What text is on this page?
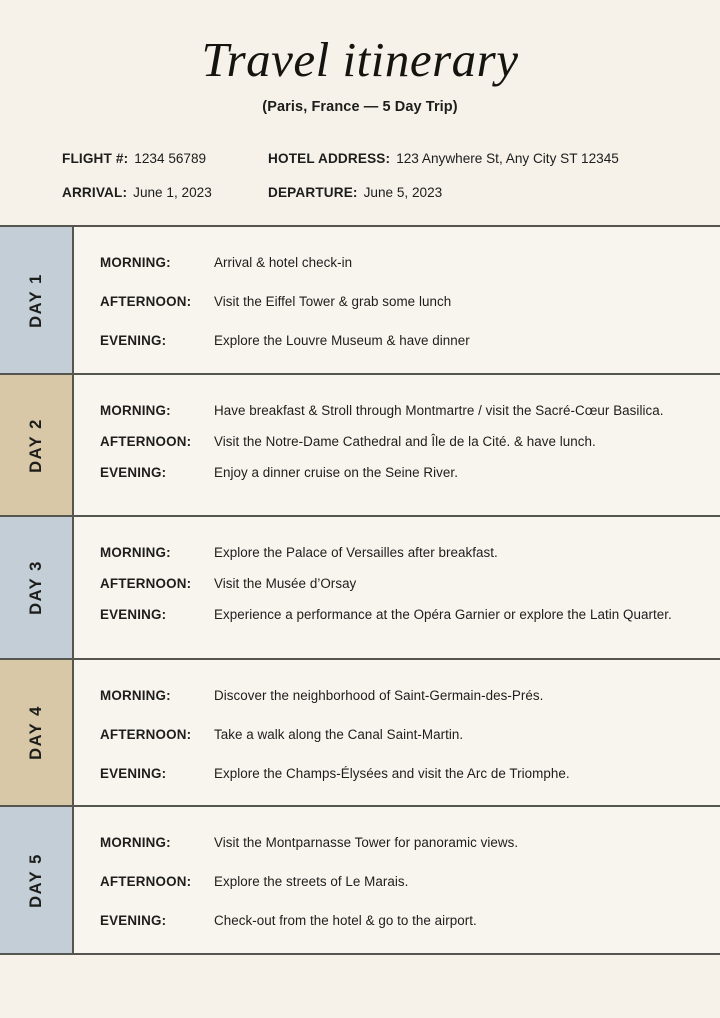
Travel itinerary
(Paris, France — 5 Day Trip)
FLIGHT #: 1234 56789	HOTEL ADDRESS: 123 Anywhere St, Any City ST 12345
ARRIVAL: June 1, 2023	DEPARTURE: June 5, 2023
DAY 1
MORNING:	Arrival & hotel check-in
AFTERNOON:	Visit the Eiffel Tower & grab some lunch
EVENING:	Explore the Louvre Museum & have dinner
DAY 2
MORNING:	Have breakfast & Stroll through Montmartre / visit the Sacré-Cœur Basilica.
AFTERNOON:	Visit the Notre-Dame Cathedral and Île de la Cité. & have lunch.
EVENING:	Enjoy a dinner cruise on the Seine River.
DAY 3
MORNING:	Explore the Palace of Versailles after breakfast.
AFTERNOON:	Visit the Musée d’Orsay
EVENING:	Experience a performance at the Opéra Garnier or explore the Latin Quarter.
DAY 4
MORNING:	Discover the neighborhood of Saint-Germain-des-Prés.
AFTERNOON:	Take a walk along the Canal Saint-Martin.
EVENING:	Explore the Champs-Élysées and visit the Arc de Triomphe.
DAY 5
MORNING:	Visit the Montparnasse Tower for panoramic views.
AFTERNOON:	Explore the streets of Le Marais.
EVENING:	Check-out from the hotel & go to the airport.
